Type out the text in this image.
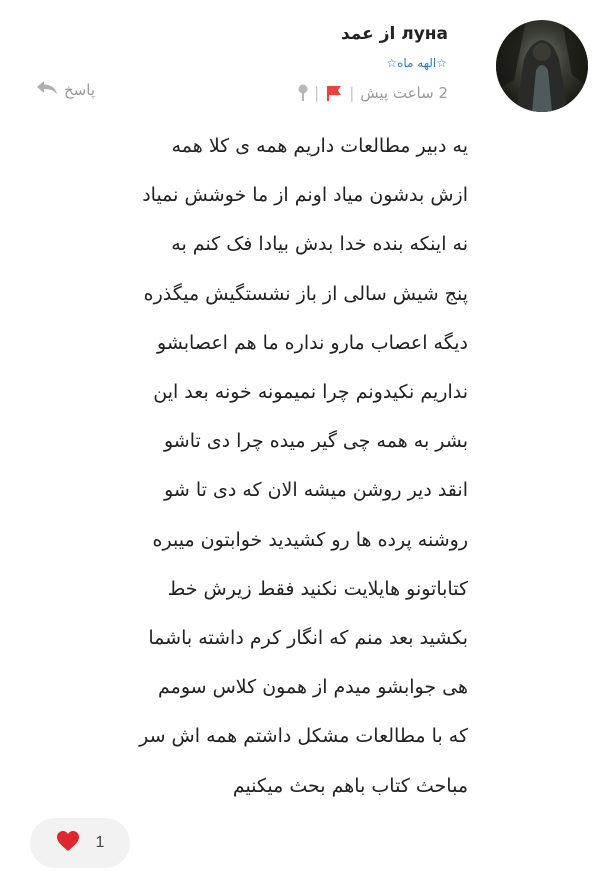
луна از عمد
☆الهه ماه☆
| | 2 ساعت پیش
پاسخ
یه دبیر مطالعات داریم همه ی کلا همه
ازش بدشون میاد اونم از ما خوشش نمیاد
نه اینکه بنده خدا بدش بیادا فک کنم به
پنج شیش سالی از باز نشستگیش میگذره
دیگه اعصاب مارو نداره ما هم اعصابشو
نداریم نکیدونم چرا نمیمونه خونه بعد این
بشر به همه چی گیر میده چرا دی تاشو
انقد دیر روشن میشه الان که دی تا شو
روشنه پرده ها رو کشیدید خوابتون میبره
کتاباتونو هایلایت نکنید فقط زیرش خط
بکشید بعد منم که انگار کرم داشته باشما
هی جوابشو میدم از همون کلاس سومم
که با مطالعات مشکل داشتم همه اش سر
مباحث کتاب باهم بحث میکنیم
1
